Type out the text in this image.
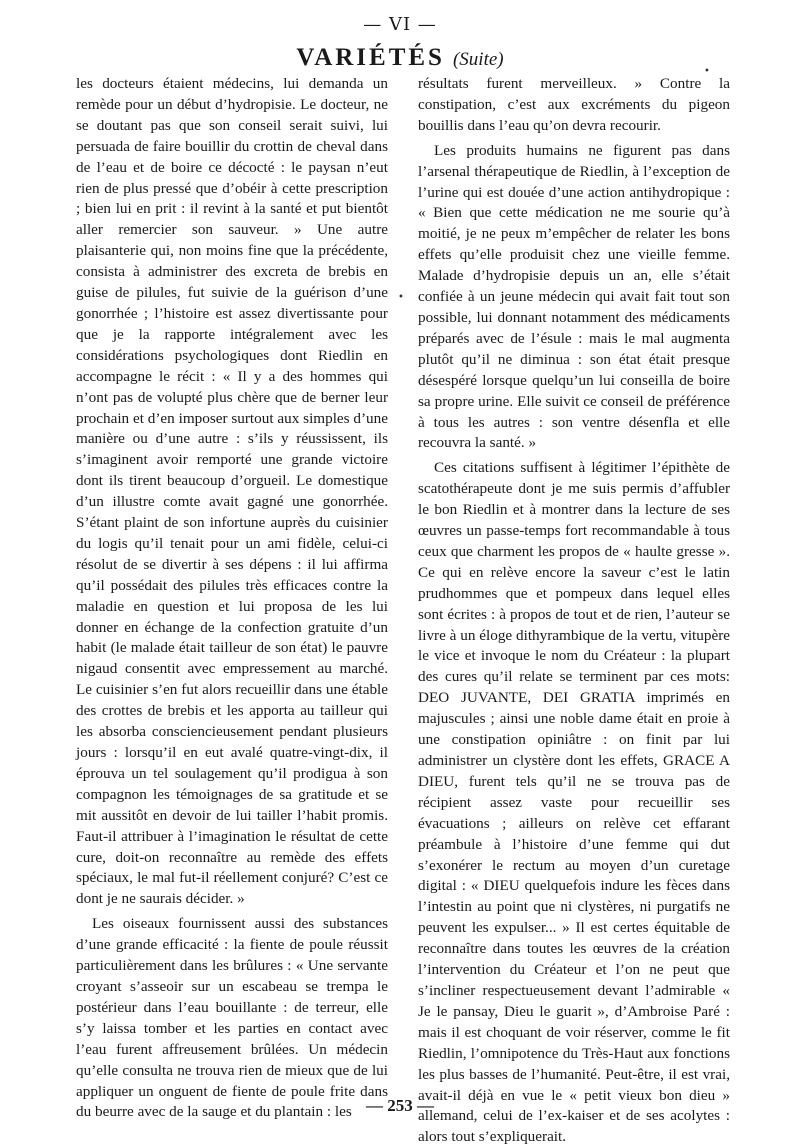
— VI —
VARIÉTÉS (Suite)

les docteurs étaient médecins, lui demanda un remède pour un début d’hydropisie. Le docteur, ne se doutant pas que son conseil serait suivi, lui persuada de faire bouillir du crottin de cheval dans de l’eau et de boire ce décocté : le paysan n’eut rien de plus pressé que d’obéir à cette prescription ; bien lui en prit : il revint à la santé et put bientôt aller remercier son sauveur. » Une autre plaisanterie qui, non moins fine que la précédente, consista à administrer des excreta de brebis en guise de pilules, fut suivie de la guérison d’une gonorrhée ; l’histoire est assez divertissante pour que je la rapporte intégralement avec les considérations psychologiques dont Riedlin en accompagne le récit : « Il y a des hommes qui n’ont pas de volupté plus chère que de berner leur prochain et d’en imposer surtout aux simples d’une manière ou d’une autre : s’ils y réussissent, ils s’imaginent avoir remporté une grande victoire dont ils tirent beaucoup d’orgueil. Le domestique d’un illustre comte avait gagné une gonorrhée. S’étant plaint de son infortune auprès du cuisinier du logis qu’il tenait pour un ami fidèle, celui-ci résolut de se divertir à ses dépens : il lui affirma qu’il possédait des pilules très efficaces contre la maladie en question et lui proposa de les lui donner en échange de la confection gratuite d’un habit (le malade était tailleur de son état) le pauvre nigaud consentit avec empressement au marché. Le cuisinier s’en fut alors recueillir dans une étable des crottes de brebis et les apporta au tailleur qui les absorba consciencieusement pendant plusieurs jours : lorsqu’il en eut avalé quatre-vingt-dix, il éprouva un tel soulagement qu’il prodigua à son compagnon les témoignages de sa gratitude et se mit aussitôt en devoir de lui tailler l’habit promis. Faut-il attribuer à l’imagination le résultat de cette cure, doit-on reconnaître au remède des effets spéciaux, le mal fut-il réellement conjuré? C’est ce dont je ne saurais décider. »

Les oiseaux fournissent aussi des substances d’une grande efficacité : la fiente de poule réussit particulièrement dans les brûlures : « Une servante croyant s’asseoir sur un escabeau se trempa le postérieur dans l’eau bouillante : de terreur, elle s’y laissa tomber et les parties en contact avec l’eau furent affreusement brûlées. Un médecin qu’elle consulta ne trouva rien de mieux que de lui appliquer un onguent de fiente de poule frite dans du beurre avec de la sauge et du plantain : les

résultats furent merveilleux. » Contre la constipation, c’est aux excréments du pigeon bouillis dans l’eau qu’on devra recourir.

Les produits humains ne figurent pas dans l’arsenal thérapeutique de Riedlin, à l’exception de l’urine qui est douée d’une action antihydropique : « Bien que cette médication ne me sourie qu’à moitié, je ne peux m’empêcher de relater les bons effets qu’elle produisit chez une vieille femme. Malade d’hydropisie depuis un an, elle s’était confiée à un jeune médecin qui avait fait tout son possible, lui donnant notamment des médicaments préparés avec de l’ésule : mais le mal augmenta plutôt qu’il ne diminua : son état était presque désespéré lorsque quelqu’un lui conseilla de boire sa propre urine. Elle suivit ce conseil de préférence à tous les autres : son ventre désenfla et elle recouvra la santé. »

Ces citations suffisent à légitimer l’épithète de scatothérapeute dont je me suis permis d’affubler le bon Riedlin et à montrer dans la lecture de ses œuvres un passe-temps fort recommandable à tous ceux que charment les propos de « haulte gresse ». Ce qui en relève encore la saveur c’est le latin prudhommes que et pompeux dans lequel elles sont écrites : à propos de tout et de rien, l’auteur se livre à un éloge dithyrambique de la vertu, vitupère le vice et invoque le nom du Créateur : la plupart des cures qu’il relate se terminent par ces mots: DEO JUVANTE, DEI GRATIA imprimés en majuscules ; ainsi une noble dame était en proie à une constipation opiniâtre : on finit par lui administrer un clystère dont les effets, GRACE A DIEU, furent tels qu’il ne se trouva pas de récipient assez vaste pour recueillir ses évacuations ; ailleurs on relève cet effarant préambule à l’histoire d’une femme qui dut s’exonérer le rectum au moyen d’un curetage digital : « DIEU quelquefois indure les fèces dans l’intestin au point que ni clystères, ni purgatifs ne peuvent les expulser... » Il est certes équitable de reconnaître dans toutes les œuvres de la création l’intervention du Créateur et l’on ne peut que s’incliner respectueusement devant l’admirable « Je le pansay, Dieu le guarit », d’Ambroise Paré : mais il est choquant de voir réserver, comme le fit Riedlin, l’omnipotence du Très-Haut aux fonctions les plus basses de l’humanité. Peut-être, il est vrai, avait-il déjà en vue le « petit vieux bon dieu » allemand, celui de l’ex-kaiser et de ses acolytes : alors tout s’expliquerait.

•
•
— 253 —
